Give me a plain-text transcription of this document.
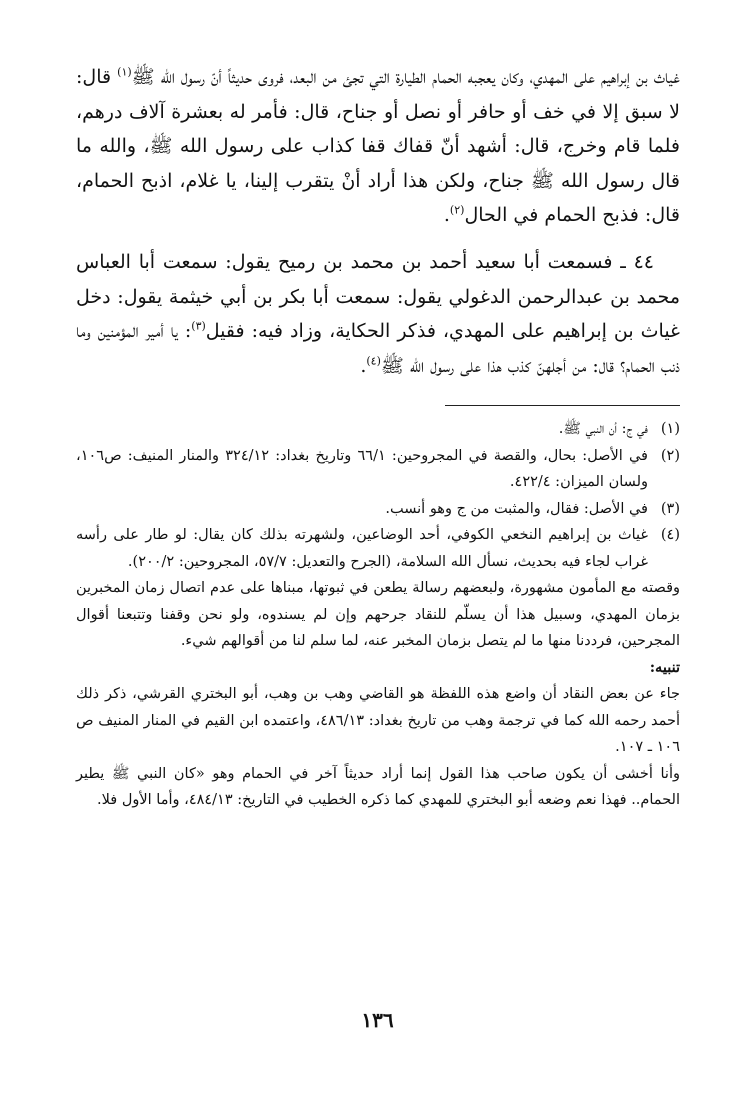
غياث بن إبراهيم على المهدي، وكان يعجبه الحمام الطيارة التي تجئ من البعد، فروى حديثاً أنّ رسول الله ﷺ$^{(١)}$ قال: لا سبق إلا في خف أو حافر أو نصل أو جناح، قال: فأمر له بعشرة آلاف درهم، فلما قام وخرج، قال: أشهد أنّ قفاك قفا كذاب على رسول الله ﷺ، والله ما قال رسول الله ﷺ جناح، ولكن هذا أراد أنْ يتقرب إلينا، يا غلام، اذبح الحمام، قال: فذبح الحمام في الحال$^{(٢)}$.

٤٤ ـ فسمعت أبا سعيد أحمد بن محمد بن رميح يقول: سمعت أبا العباس محمد بن عبدالرحمن الدغولي يقول: سمعت أبا بكر بن أبي خيثمة يقول: دخل غياث بن إبراهيم على المهدي، فذكر الحكاية، وزاد فيه: فقيل$^{(٣)}$: يا أمير المؤمنين وما ذنب الحمام؟ قال: من أجلهنّ كذب هذا على رسول الله ﷺ$^{(٤)}$.

(١)
في ج: أن النبي ﷺ.
(٢)
في الأصل: بحال، والقصة في المجروحين: ٦٦/١ وتاريخ بغداد: ٣٢٤/١٢ والمنار المنيف: ص١٠٦، ولسان الميزان: ٤٢٢/٤.
(٣)
في الأصل: فقال، والمثبت من ج وهو أنسب.
(٤)
غياث بن إبراهيم النخعي الكوفي، أحد الوضاعين، ولشهرته بذلك كان يقال: لو طار على رأسه غراب لجاء فيه بحديث، نسأل الله السلامة، (الجرح والتعديل: ٥٧/٧، المجروحين: ٢٠٠/٢).

وقصته مع المأمون مشهورة، ولبعضهم رسالة يطعن في ثبوتها، مبناها على عدم اتصال زمان المخبرين بزمان المهدي، وسبيل هذا أن يسلّم للنقاد جرحهم وإن لم يسندوه، ولو نحن وقفنا وتتبعنا أقوال المجرحين، فرددنا منها ما لم يتصل بزمان المخبر عنه، لما سلم لنا من أقوالهم شيء.

تنبيه:

جاء عن بعض النقاد أن واضع هذه اللفظة هو القاضي وهب بن وهب، أبو البختري القرشي، ذكر ذلك أحمد رحمه الله كما في ترجمة وهب من تاريخ بغداد: ٤٨٦/١٣، واعتمده ابن القيم في المنار المنيف ص ١٠٦ ـ ١٠٧.

وأنا أخشى أن يكون صاحب هذا القول إنما أراد حديثاً آخر في الحمام وهو «كان النبي ﷺ يطير الحمام.. فهذا نعم وضعه أبو البختري للمهدي كما ذكره الخطيب في التاريخ: ٤٨٤/١٣، وأما الأول فلا.

١٣٦
